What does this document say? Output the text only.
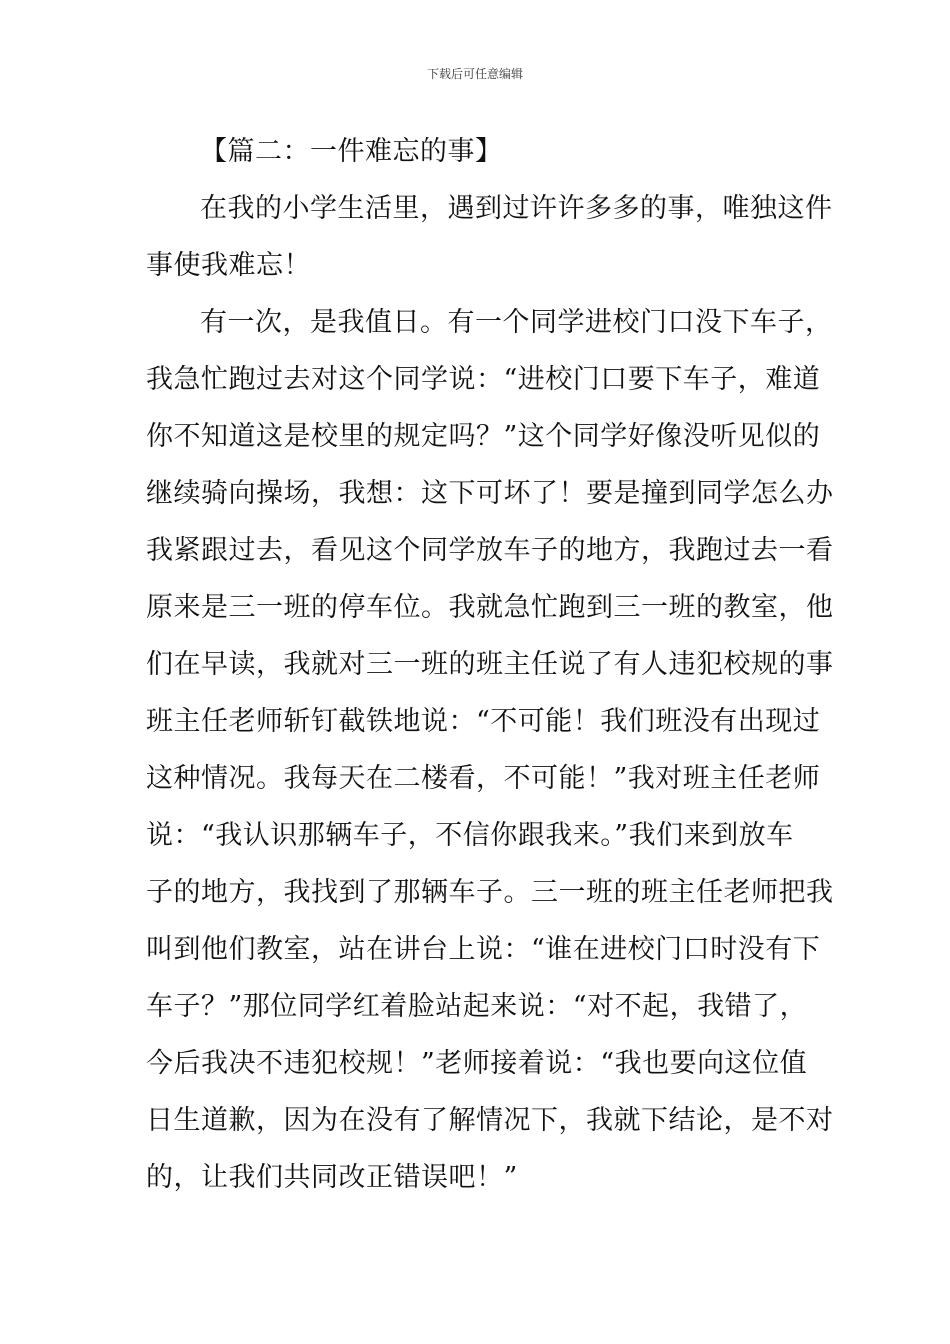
下载后可任意编辑
【篇二：一件难忘的事】
在我的小学生活里，遇到过许许多多的事，唯独这件
事使我难忘！
有一次，是我值日。有一个同学进校门口没下车子，
我急忙跑过去对这个同学说：“进校门口要下车子，难道
你不知道这是校里的规定吗？”这个同学好像没听见似的
继续骑向操场，我想：这下可坏了！要是撞到同学怎么办
我紧跟过去，看见这个同学放车子的地方，我跑过去一看
原来是三一班的停车位。我就急忙跑到三一班的教室，他
们在早读，我就对三一班的班主任说了有人违犯校规的事
班主任老师斩钉截铁地说：“不可能！我们班没有出现过
这种情况。我每天在二楼看，不可能！”我对班主任老师
说：“我认识那辆车子，不信你跟我来。”我们来到放车
子的地方，我找到了那辆车子。三一班的班主任老师把我
叫到他们教室，站在讲台上说：“谁在进校门口时没有下
车子？”那位同学红着脸站起来说：“对不起，我错了，
今后我决不违犯校规！”老师接着说：“我也要向这位值
日生道歉，因为在没有了解情况下，我就下结论，是不对
的，让我们共同改正错误吧！”
